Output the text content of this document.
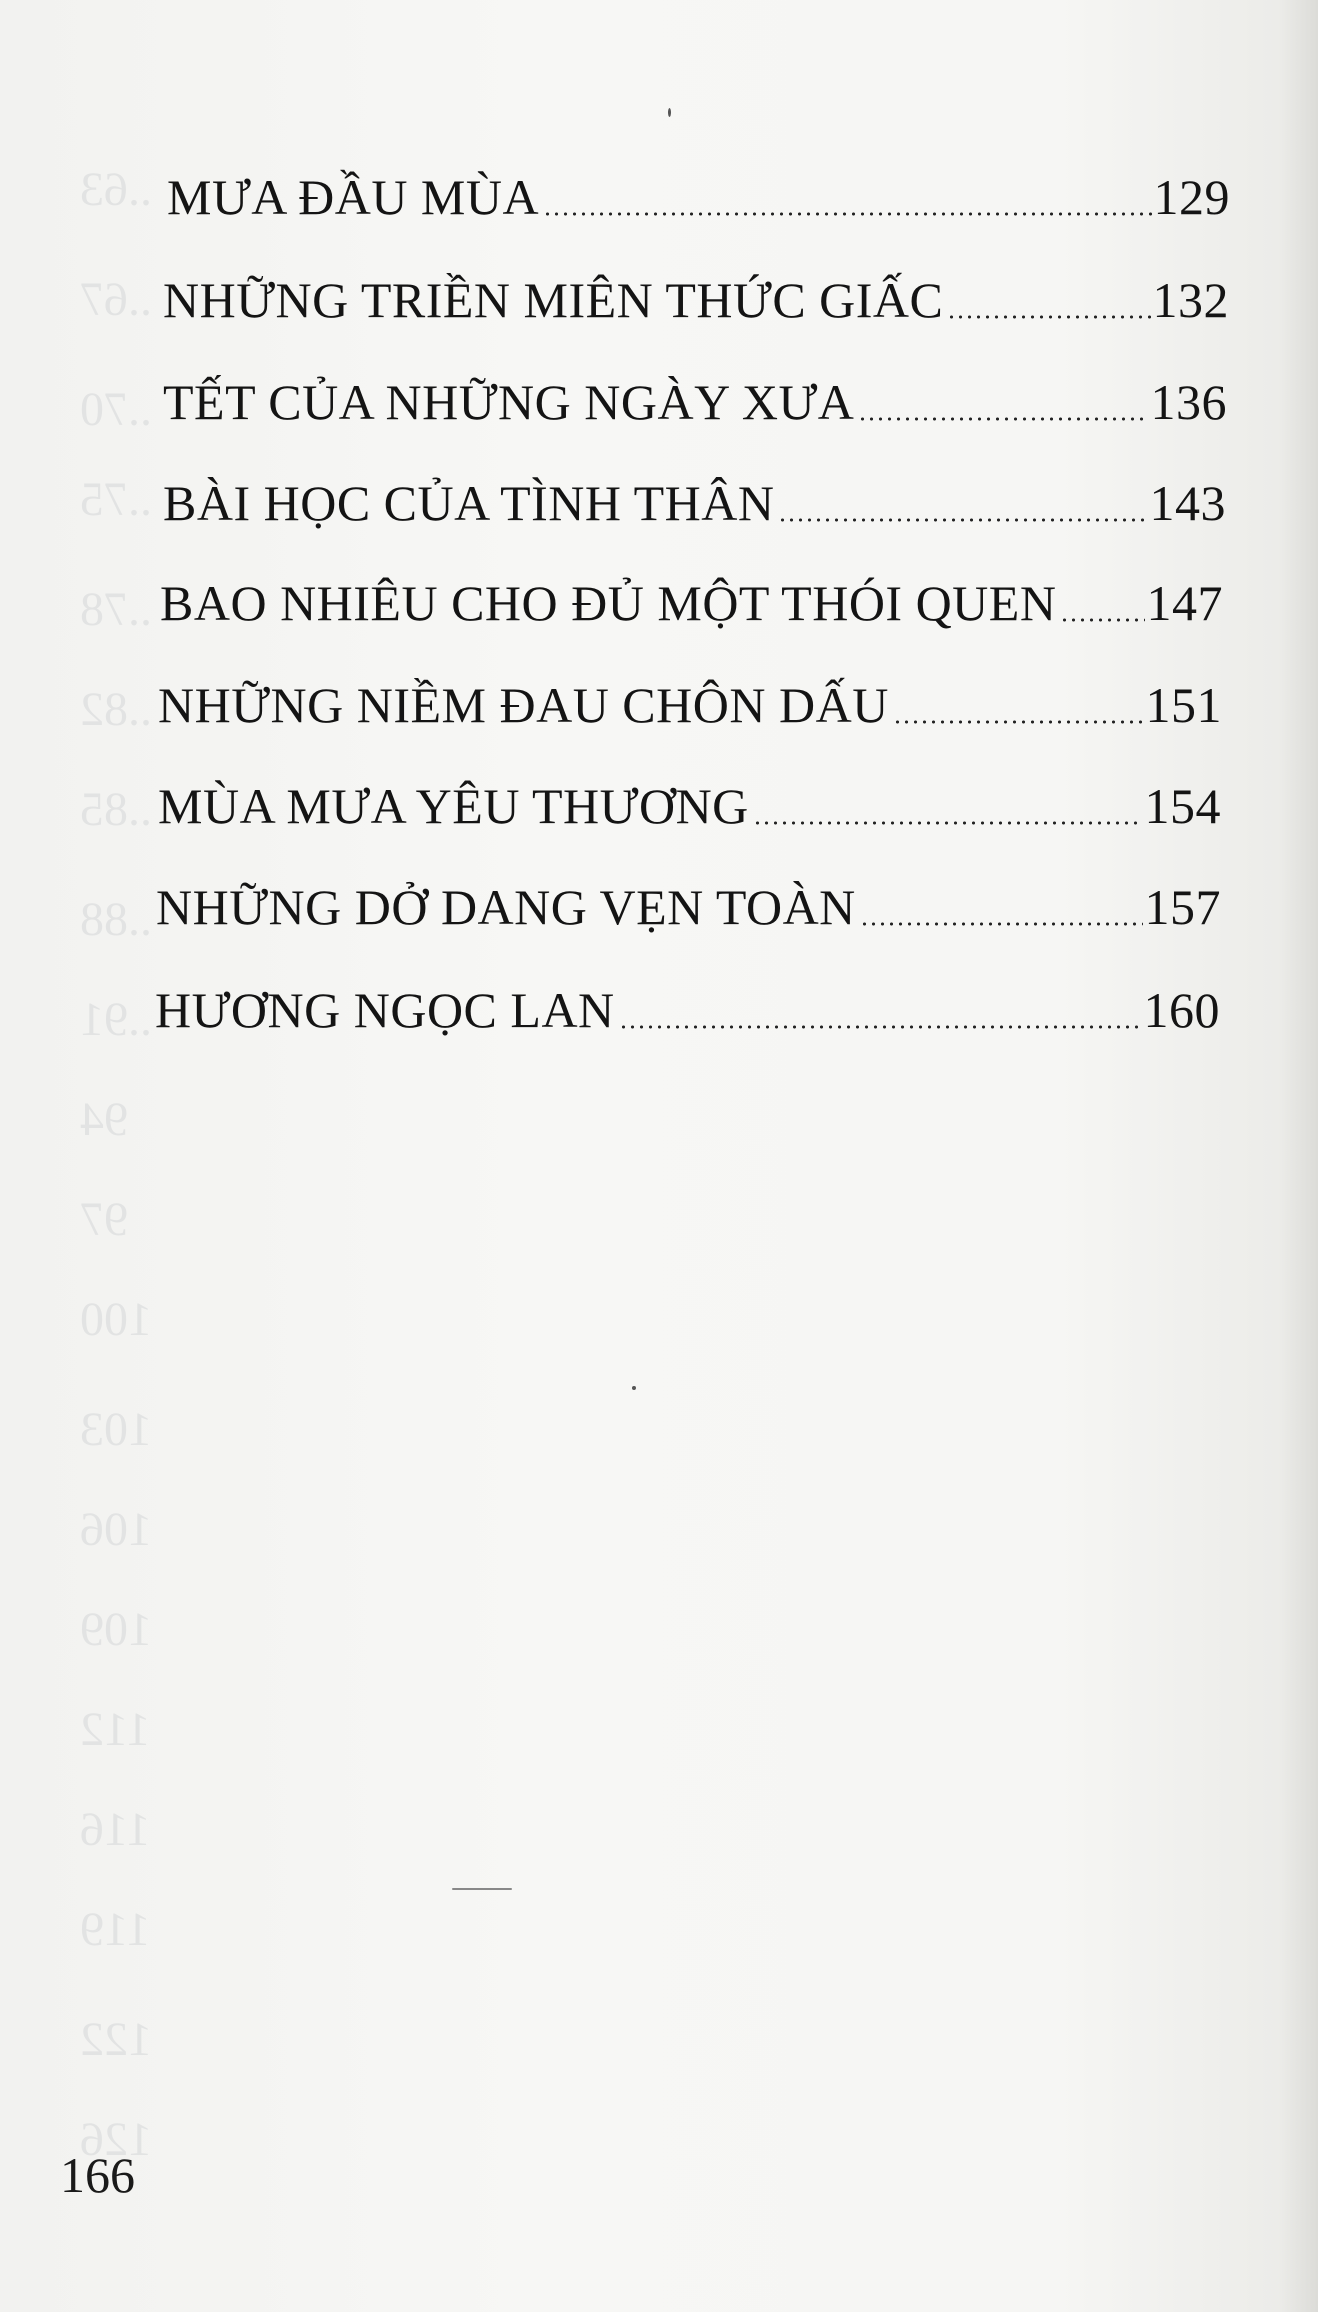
..63
..67
..70
..75
..78
..82
..85
..88
..91
94
97
100
103
106
109
112
116
119
122
126
MƯA ĐẦU MÙA	129
NHỮNG TRIỀN MIÊN THỨC GIẤC	132
TẾT CỦA NHỮNG NGÀY XƯA	136
BÀI HỌC CỦA TÌNH THÂN	143
BAO NHIÊU CHO ĐỦ MỘT THÓI QUEN 147
NHỮNG NIỀM ĐAU CHÔN DẤU	151
MÙA MƯA YÊU THƯƠNG	154
NHỮNG DỞ DANG VẸN TOÀN	157
HƯƠNG NGỌC LAN	160
166
